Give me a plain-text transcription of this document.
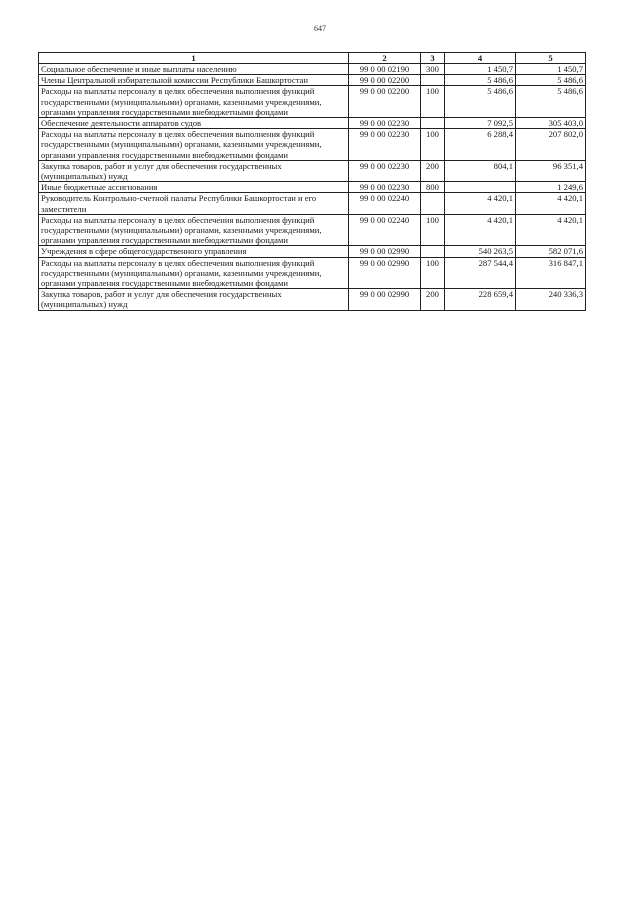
647
1	2	3	4	5
Социальное обеспечение и иные выплаты населению	99 0 00 02190	300	1 450,7	1 450,7
Члены Центральной избирательной комиссии Республики Башкортостан	99 0 00 02200		5 486,6	5 486,6
Расходы на выплаты персоналу в целях обеспечения выполнения функций государственными (муниципальными) органами, казенными учреждениями, органами управления государственными внебюджетными фондами	99 0 00 02200	100	5 486,6	5 486,6
Обеспечение деятельности аппаратов судов	99 0 00 02230		7 092,5	305 403,0
Расходы на выплаты персоналу в целях обеспечения выполнения функций государственными (муниципальными) органами, казенными учреждениями, органами управления государственными внебюджетными фондами	99 0 00 02230	100	6 288,4	207 802,0
Закупка товаров, работ и услуг для обеспечения государственных (муниципальных) нужд	99 0 00 02230	200	804,1	96 351,4
Иные бюджетные ассигнования	99 0 00 02230	800		1 249,6
Руководитель Контрольно-счетной палаты Республики Башкортостан и его заместители	99 0 00 02240		4 420,1	4 420,1
Расходы на выплаты персоналу в целях обеспечения выполнения функций государственными (муниципальными) органами, казенными учреждениями, органами управления государственными внебюджетными фондами	99 0 00 02240	100	4 420,1	4 420,1
Учреждения в сфере общегосударственного управления	99 0 00 02990		540 263,5	582 071,6
Расходы на выплаты персоналу в целях обеспечения выполнения функций государственными (муниципальными) органами, казенными учреждениями, органами управления государственными внебюджетными фондами	99 0 00 02990	100	287 544,4	316 847,1
Закупка товаров, работ и услуг для обеспечения государственных (муниципальных) нужд	99 0 00 02990	200	228 659,4	240 336,3
